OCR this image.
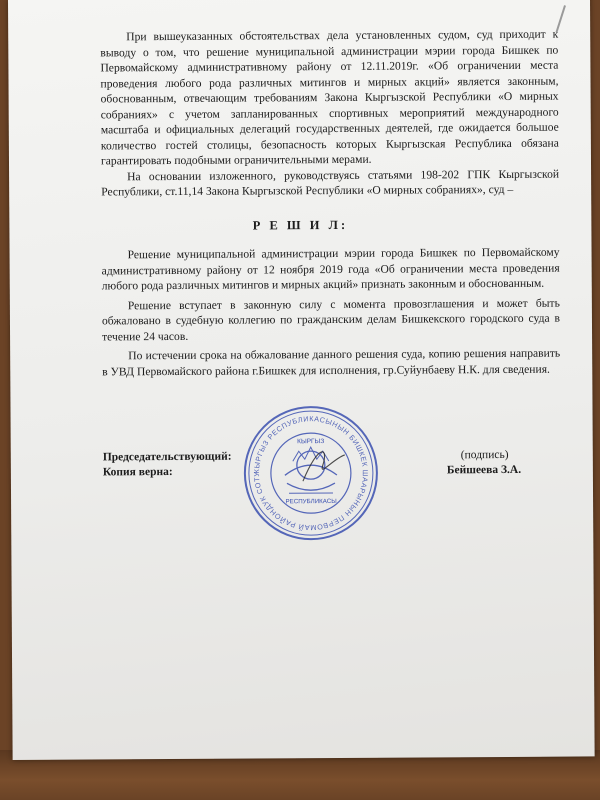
При вышеуказанных обстоятельствах дела установленных судом, суд приходит к выводу о том, что решение муниципальной администрации мэрии города Бишкек по Первомайскому административному району от 12.11.2019г. «Об ограничении места проведения любого рода различных митингов и мирных акций» является законным, обоснованным, отвечающим требованиям Закона Кыргызской Республики «О мирных собраниях» с учетом запланированных спортивных мероприятий международного масштаба и официальных делегаций государственных деятелей, где ожидается большое количество гостей столицы, безопасность которых Кыргызская Республика обязана гарантировать подобными ограничительными мерами.

На основании изложенного, руководствуясь статьями 198-202 ГПК Кыргызской Республики, ст.11,14 Закона Кыргызской Республики «О мирных собраниях», суд –

Р Е Ш И Л:

Решение муниципальной администрации мэрии города Бишкек по Первомайскому административному району от 12 ноября 2019 года «Об ограничении места проведения любого рода различных митингов и мирных акций» признать законным и обоснованным.

Решение вступает в законную силу с момента провозглашения и может быть обжаловано в судебную коллегию по гражданским делам Бишкекского городского суда в течение 24 часов.

По истечении срока на обжалование данного решения суда, копию решения направить в УВД Первомайского района г.Бишкек для исполнения, гр.Суйунбаеву Н.К. для сведения.

Председательствующий:	(подпись)
Копия верна:	Бейшеева З.А.
КЫРГЫЗ РЕСПУБЛИКАСЫНЫН БИШКЕК ШААРЫНЫН ПЕРВОМАЙ РАЙОНДУК СОТУ
КЫРГЫЗ
РЕСПУБЛИКАСЫ
